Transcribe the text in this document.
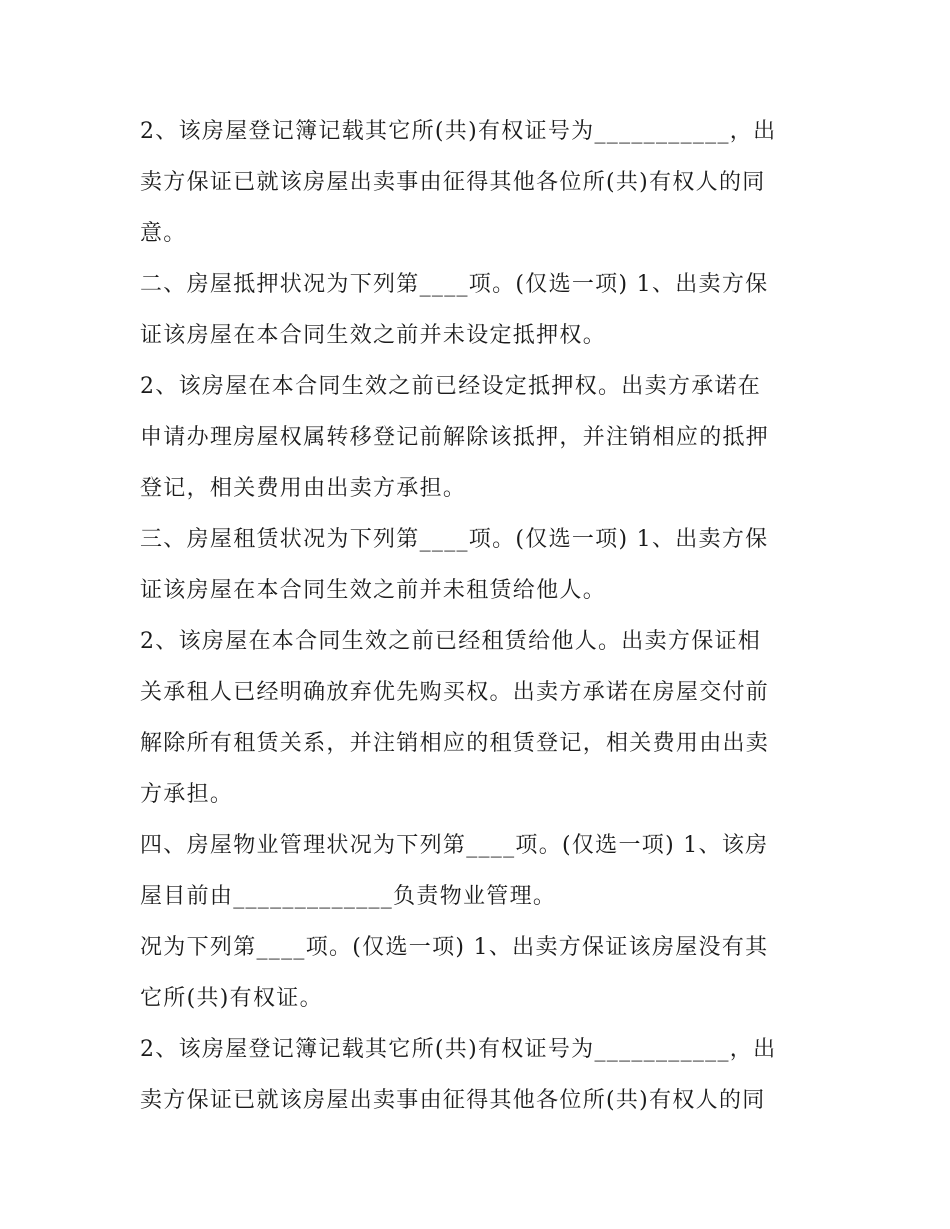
2、该房屋登记簿记载其它所(共)有权证号为___________，出
卖方保证已就该房屋出卖事由征得其他各位所(共)有权人的同
意。
二、房屋抵押状况为下列第____项。(仅选一项) 1、出卖方保
证该房屋在本合同生效之前并未设定抵押权。
2、该房屋在本合同生效之前已经设定抵押权。出卖方承诺在
申请办理房屋权属转移登记前解除该抵押，并注销相应的抵押
登记，相关费用由出卖方承担。
三、房屋租赁状况为下列第____项。(仅选一项) 1、出卖方保
证该房屋在本合同生效之前并未租赁给他人。
2、该房屋在本合同生效之前已经租赁给他人。出卖方保证相
关承租人已经明确放弃优先购买权。出卖方承诺在房屋交付前
解除所有租赁关系，并注销相应的租赁登记，相关费用由出卖
方承担。
四、房屋物业管理状况为下列第____项。(仅选一项) 1、该房
屋目前由_____________负责物业管理。
况为下列第____项。(仅选一项) 1、出卖方保证该房屋没有其
它所(共)有权证。
2、该房屋登记簿记载其它所(共)有权证号为___________，出
卖方保证已就该房屋出卖事由征得其他各位所(共)有权人的同
